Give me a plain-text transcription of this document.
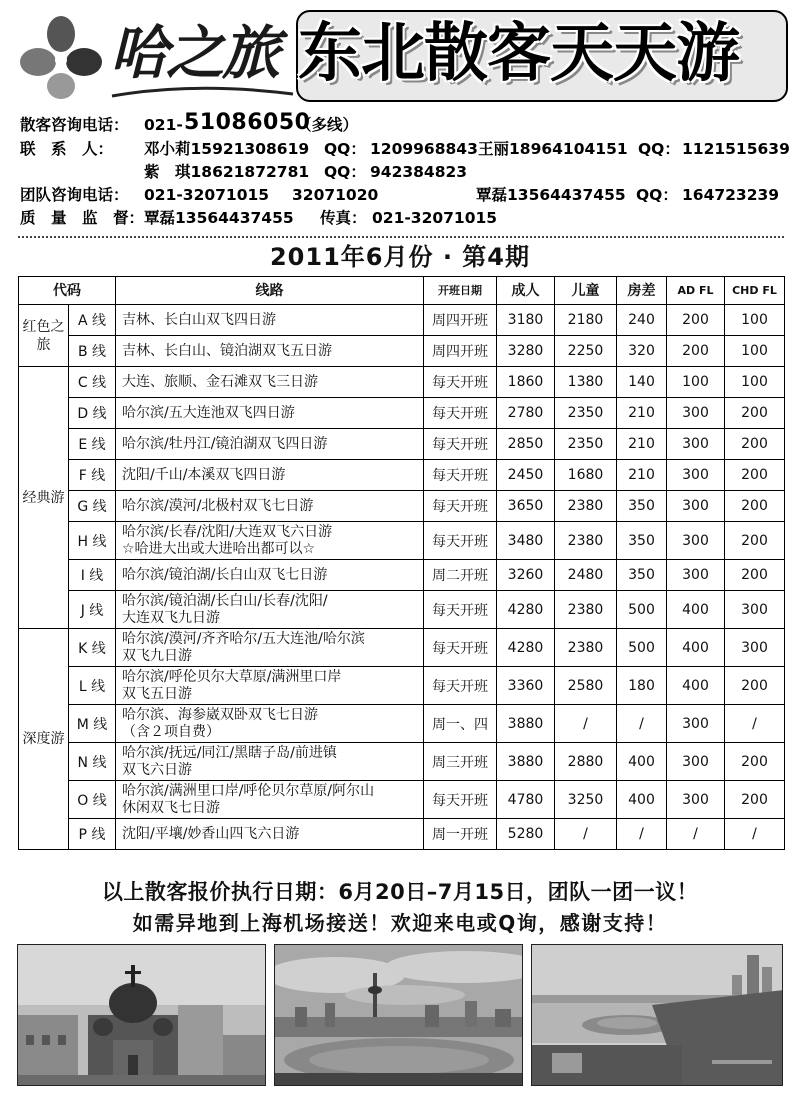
哈之旅 东北散客天天游
散客咨询电话： 021- 51086050
（多线）
联　系　人： 邓小莉15921308619 QQ： 1209968843 王丽18964104151 QQ： 1121515639
紫　琪18621872781 QQ： 942384823
团队咨询电话： 021-32071015 32071020	覃磊13564437455 QQ： 164723239
质　量　监　督： 覃磊13564437455 传真： 021-32071015
2011年6月份 · 第4期
代码		线路	开班日期	成人	儿童	房差	AD FL	CHD FL
红色之旅	A 线	吉林、长白山双飞四日游	周四开班	3180	2180	240	200	100
	B 线	吉林、长白山、镜泊湖双飞五日游	周四开班	3280	2250	320	200	100
经典游	C 线	大连、旅顺、金石滩双飞三日游	每天开班	1860	1380	140	100	100
	D 线	哈尔滨/五大连池双飞四日游	每天开班	2780	2350	210	300	200
	E 线	哈尔滨/牡丹江/镜泊湖双飞四日游	每天开班	2850	2350	210	300	200
	F 线	沈阳/千山/本溪双飞四日游	每天开班	2450	1680	210	300	200
	G 线	哈尔滨/漠河/北极村双飞七日游	每天开班	3650	2380	350	300	200
	H 线	哈尔滨/长春/沈阳/大连双飞六日游
☆哈进大出或大进哈出都可以☆	每天开班	3480	2380	350	300	200
	I 线	哈尔滨/镜泊湖/长白山双飞七日游	周二开班	3260	2480	350	300	200
	J 线	哈尔滨/镜泊湖/长白山/长春/沈阳/
大连双飞九日游	每天开班	4280	2380	500	400	300
深度游	K 线	哈尔滨/漠河/齐齐哈尔/五大连池/哈尔滨
双飞九日游	每天开班	4280	2380	500	400	300
	L 线	哈尔滨/呼伦贝尔大草原/满洲里口岸
双飞五日游	每天开班	3360	2580	180	400	200
	M 线	哈尔滨、海参崴双卧双飞七日游
（含２项自费）	周一、四	3880	/	/	300	/
	N 线	哈尔滨/抚远/同江/黑瞎子岛/前进镇
双飞六日游	周三开班	3880	2880	400	300	200
	O 线	哈尔滨/满洲里口岸/呼伦贝尔草原/阿尔山
休闲双飞七日游	每天开班	4780	3250	400	300	200
	P 线	沈阳/平壤/妙香山四飞六日游	周一开班	5280	/	/	/	/
以上散客报价执行日期：6月20日–7月15日，团队一团一议！
如需异地到上海机场接送！欢迎来电或Q询，感谢支持！
